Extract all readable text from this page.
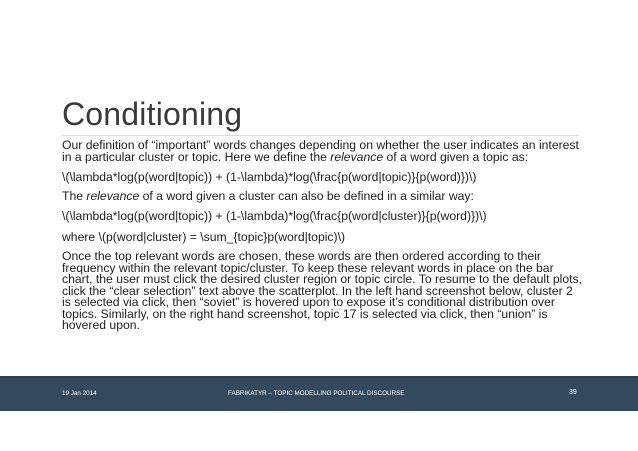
Conditioning

Our definition of “important” words changes depending on whether the user indicates an interest in a particular cluster or topic. Here we define the relevance of a word given a topic as:

\(\lambda*log(p(word|topic)) + (1-\lambda)*log(\frac{p(word|topic)}{p(word)})\)

The relevance of a word given a cluster can also be defined in a similar way:

\(\lambda*log(p(word|topic)) + (1-\lambda)*log(\frac{p(word|cluster)}{p(word)})\)

where \(p(word|cluster) = \sum_{topic}p(word|topic)\)

Once the top relevant words are chosen, these words are then ordered according to their frequency within the relevant topic/cluster. To keep these relevant words in place on the bar chart, the user must click the desired cluster region or topic circle. To resume to the default plots, click the “clear selection” text above the scatterplot. In the left hand screenshot below, cluster 2 is selected via click, then “soviet” is hovered upon to expose it’s conditional distribution over topics. Similarly, on the right hand screenshot, topic 17 is selected via click, then “union” is hovered upon.

19 Jan 2014	FABRIKATYR – TOPIC MODELLING POLITICAL DISCOURSE	39
